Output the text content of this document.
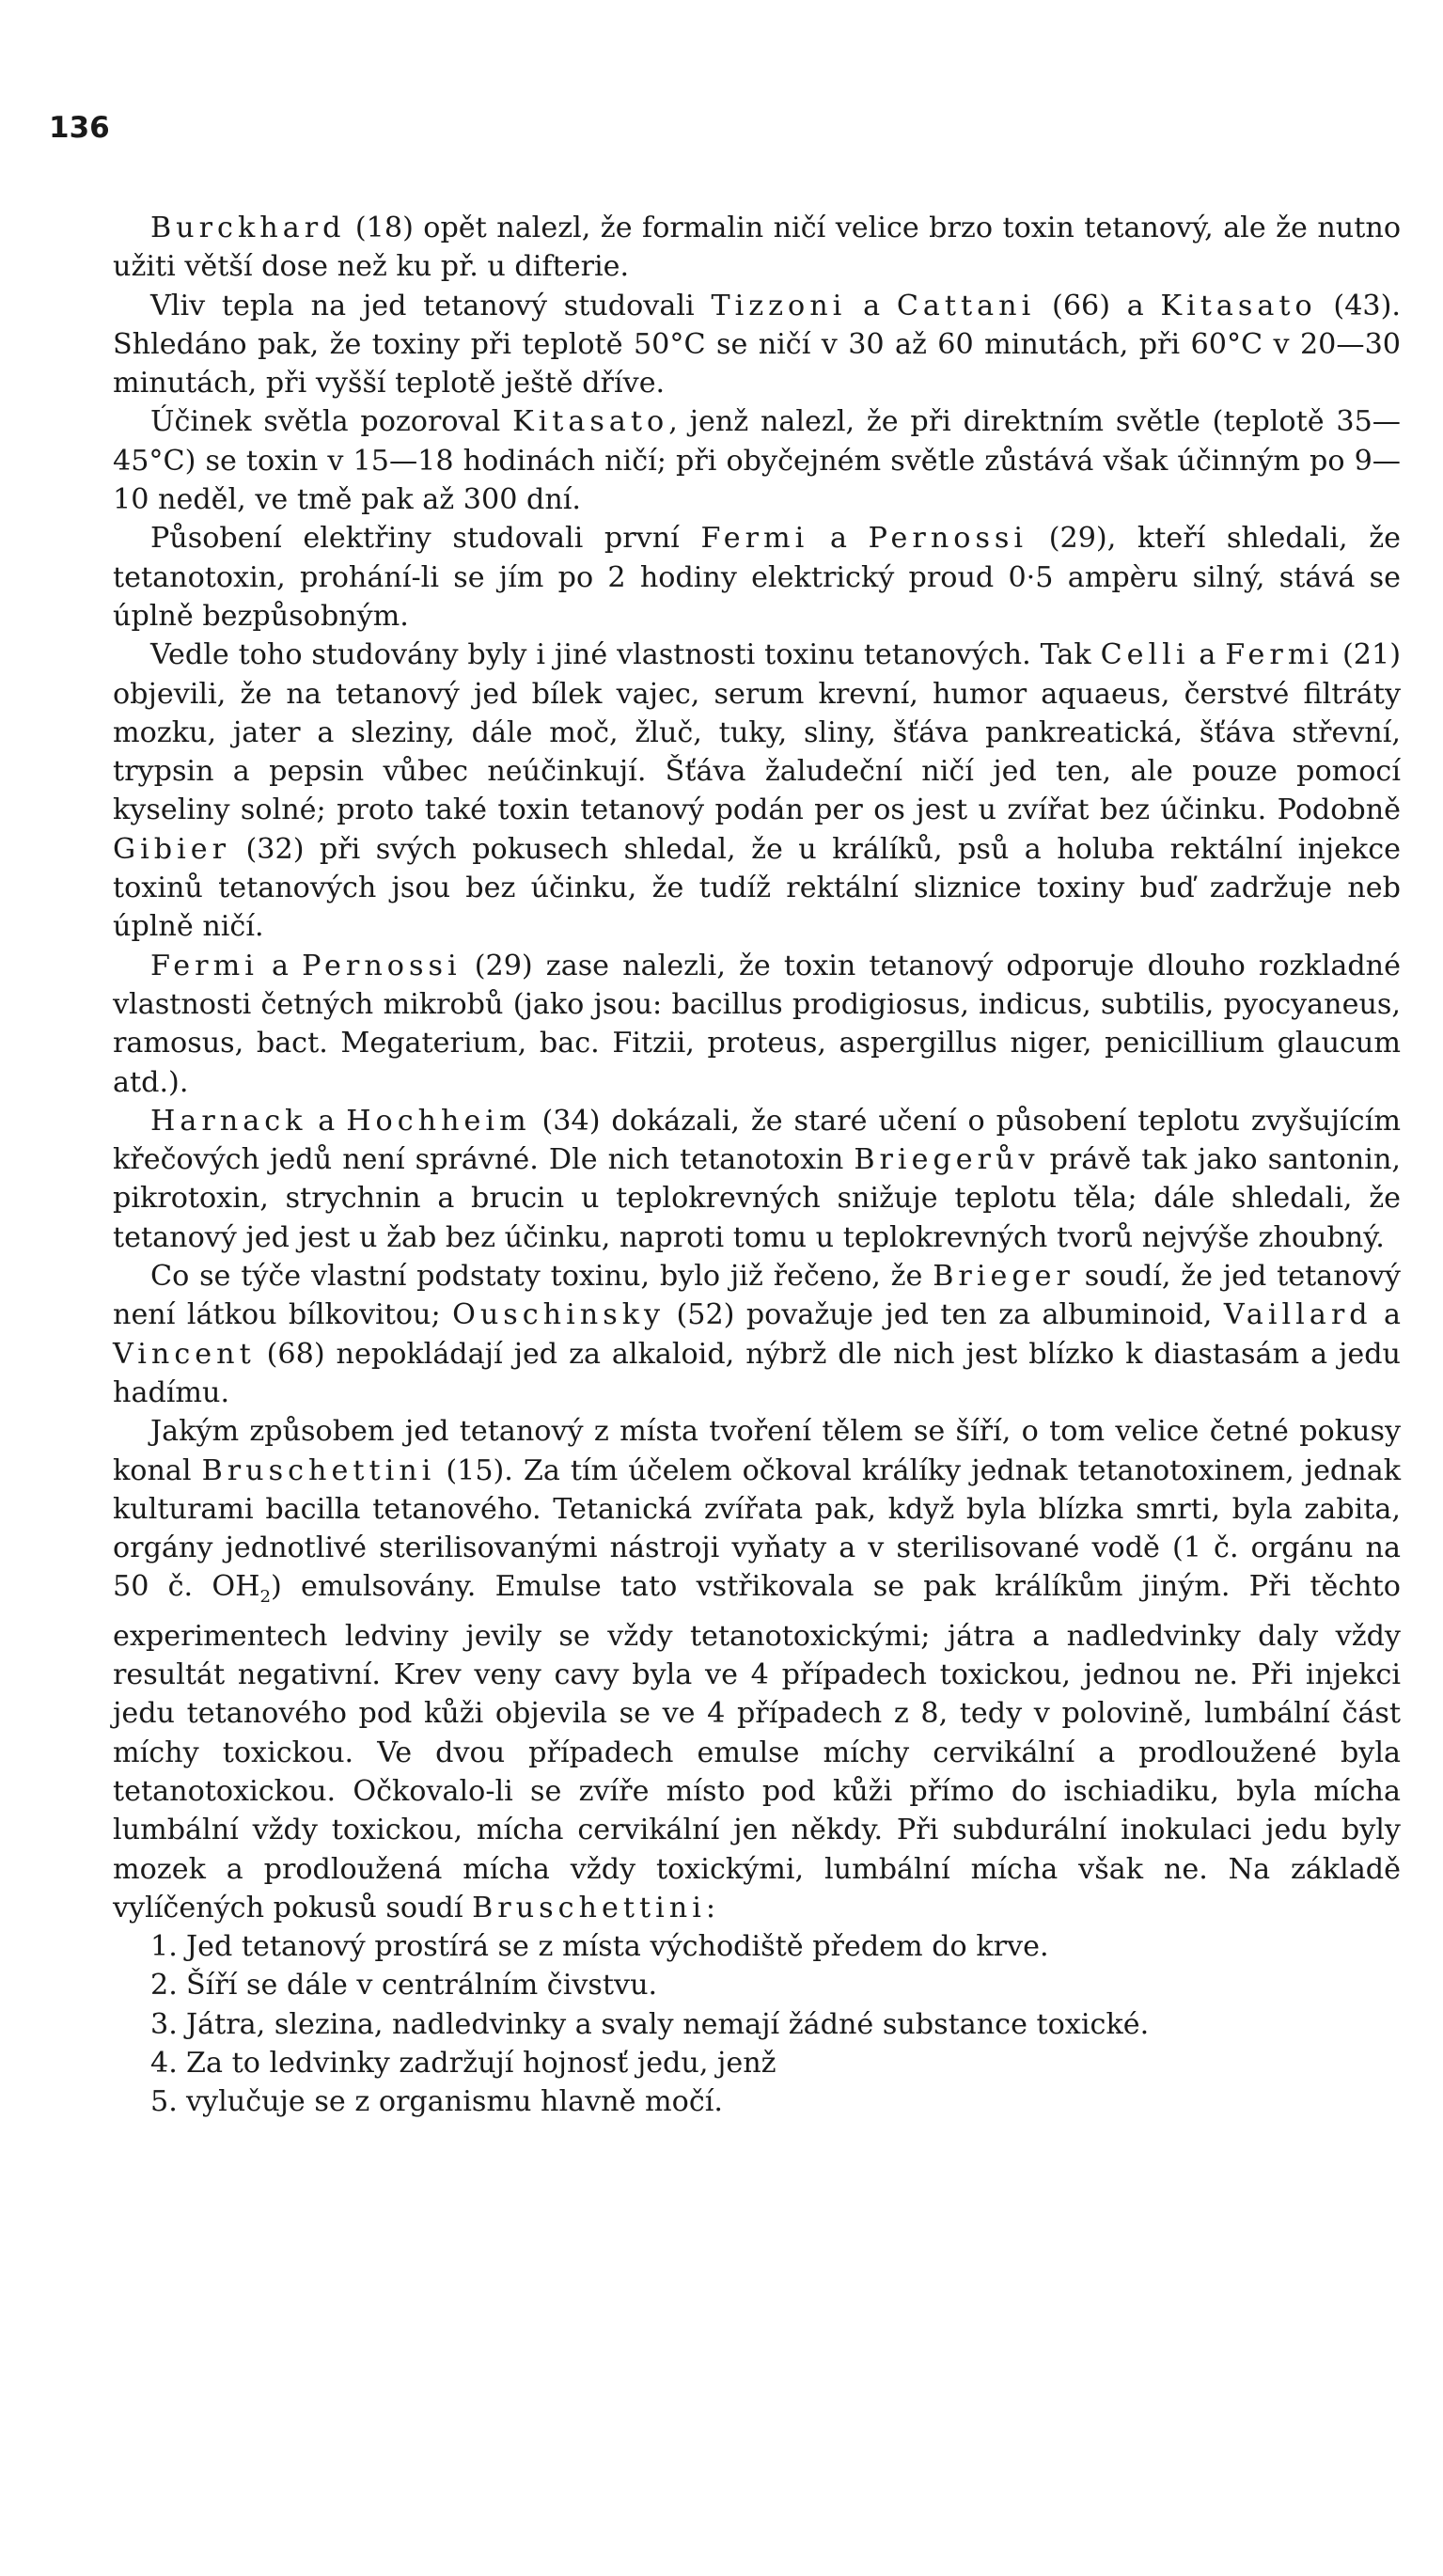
136

Burckhard (18) opět nalezl, že formalin ničí velice brzo toxin tetanový, ale že nutno užiti větší dose než ku př. u difterie.

Vliv tepla na jed tetanový studovali Tizzoni a Cattani (66) a Kitasato (43). Shledáno pak, že toxiny při teplotě 50°C se ničí v 30 až 60 minutách, při 60°C v 20—30 minutách, při vyšší teplotě ještě dříve.

Účinek světla pozoroval Kitasato, jenž nalezl, že při direktním světle (teplotě 35—45°C) se toxin v 15—18 hodinách ničí; při obyčejném světle zůstává však účinným po 9—10 neděl, ve tmě pak až 300 dní.

Působení elektřiny studovali první Fermi a Pernossi (29), kteří shledali, že tetanotoxin, prohání-li se jím po 2 hodiny elektrický proud 0·5 ampèru silný, stává se úplně bezpůsobným.

Vedle toho studovány byly i jiné vlastnosti toxinu tetanových. Tak Celli a Fermi (21) objevili, že na tetanový jed bílek vajec, serum krevní, humor aquaeus, čerstvé filtráty mozku, jater a sleziny, dále moč, žluč, tuky, sliny, šťáva pankreatická, šťáva střevní, trypsin a pepsin vůbec neúčinkují. Šťáva žaludeční ničí jed ten, ale pouze pomocí kyseliny solné; proto také toxin tetanový podán per os jest u zvířat bez účinku. Podobně Gibier (32) při svých pokusech shledal, že u králíků, psů a holuba rektální injekce toxinů tetanových jsou bez účinku, že tudíž rektální sliznice toxiny buď zadržuje neb úplně ničí.

Fermi a Pernossi (29) zase nalezli, že toxin tetanový odporuje dlouho rozkladné vlastnosti četných mikrobů (jako jsou: bacillus prodigiosus, indicus, subtilis, pyocyaneus, ramosus, bact. Megaterium, bac. Fitzii, proteus, aspergillus niger, penicillium glaucum atd.).

Harnack a Hochheim (34) dokázali, že staré učení o působení teplotu zvyšujícím křečových jedů není správné. Dle nich tetanotoxin Briegerův právě tak jako santonin, pikrotoxin, strychnin a brucin u teplokrevných snižuje teplotu těla; dále shledali, že tetanový jed jest u žab bez účinku, naproti tomu u teplokrevných tvorů nejvýše zhoubný.

Co se týče vlastní podstaty toxinu, bylo již řečeno, že Brieger soudí, že jed tetanový není látkou bílkovitou; Ouschinsky (52) považuje jed ten za albuminoid, Vaillard a Vincent (68) nepokládají jed za alkaloid, nýbrž dle nich jest blízko k diastasám a jedu hadímu.

Jakým způsobem jed tetanový z místa tvoření tělem se šíří, o tom velice četné pokusy konal Bruschettini (15). Za tím účelem očkoval králíky jednak tetanotoxinem, jednak kulturami bacilla tetanového. Tetanická zvířata pak, když byla blízka smrti, byla zabita, orgány jednotlivé sterilisovanými nástroji vyňaty a v sterilisované vodě (1 č. orgánu na 50 č. $OH_2$) emulsovány. Emulse tato vstřikovala se pak králíkům jiným. Při těchto experimentech ledviny jevily se vždy tetanotoxickými; játra a nadledvinky daly vždy resultát negativní. Krev veny cavy byla ve 4 případech toxickou, jednou ne. Při injekci jedu tetanového pod kůži objevila se ve 4 případech z 8, tedy v polovině, lumbální část míchy toxickou. Ve dvou případech emulse míchy cervikální a prodloužené byla tetanotoxickou. Očkovalo-li se zvíře místo pod kůži přímo do ischiadiku, byla mícha lumbální vždy toxickou, mícha cervikální jen někdy. Při subdurální inokulaci jedu byly mozek a prodloužená mícha vždy toxickými, lumbální mícha však ne. Na základě vylíčených pokusů soudí Bruschettini:

1. Jed tetanový prostírá se z místa východiště předem do krve.
2. Šíří se dále v centrálním čivstvu.
3. Játra, slezina, nadledvinky a svaly nemají žádné substance toxické.
4. Za to ledvinky zadržují hojnosť jedu, jenž
5. vylučuje se z organismu hlavně močí.
